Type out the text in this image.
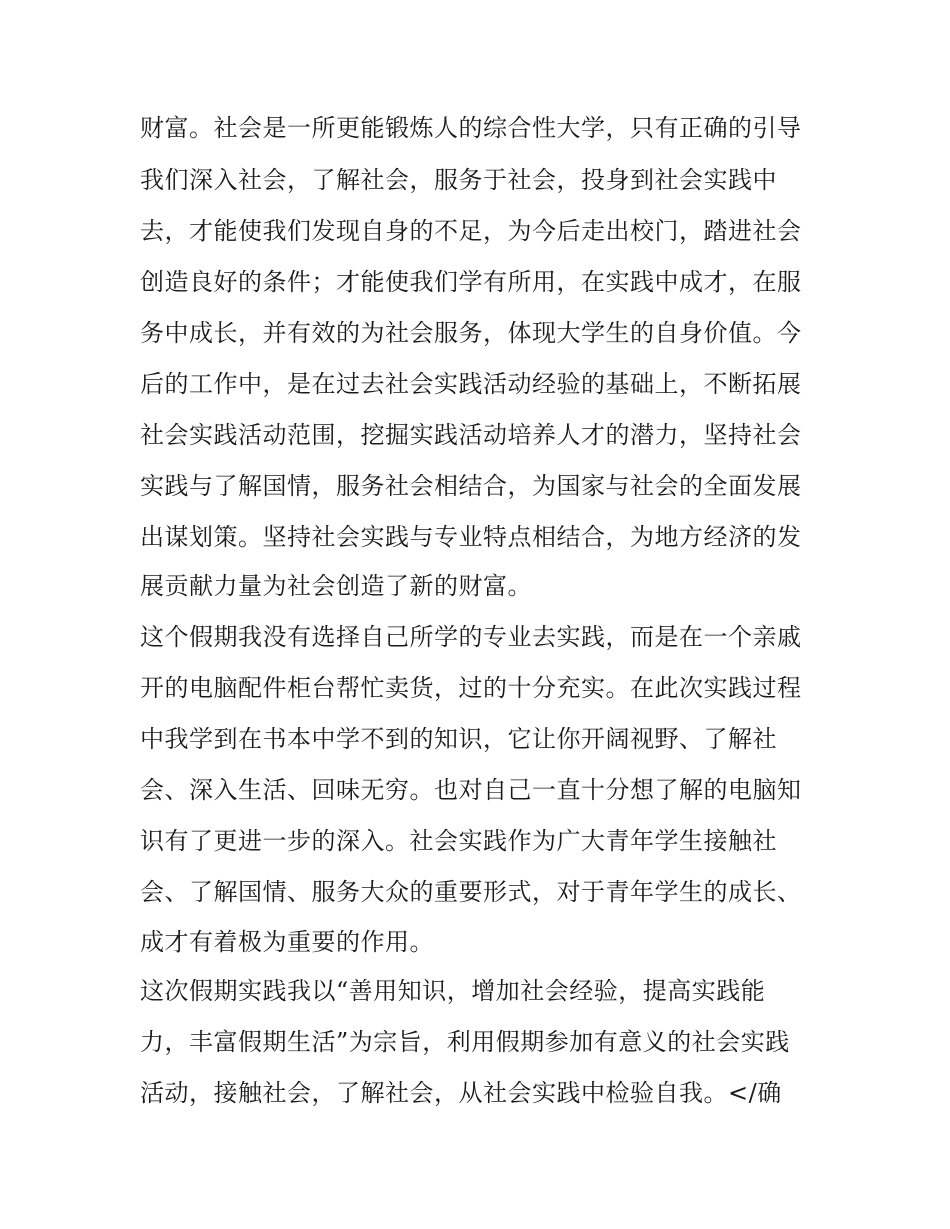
财富。社会是一所更能锻炼人的综合性大学，只有正确的引导
我们深入社会，了解社会，服务于社会，投身到社会实践中
去，才能使我们发现自身的不足，为今后走出校门，踏进社会
创造良好的条件；才能使我们学有所用，在实践中成才，在服
务中成长，并有效的为社会服务，体现大学生的自身价值。今
后的工作中，是在过去社会实践活动经验的基础上，不断拓展
社会实践活动范围，挖掘实践活动培养人才的潜力，坚持社会
实践与了解国情，服务社会相结合，为国家与社会的全面发展
出谋划策。坚持社会实践与专业特点相结合，为地方经济的发
展贡献力量为社会创造了新的财富。
这个假期我没有选择自己所学的专业去实践，而是在一个亲戚
开的电脑配件柜台帮忙卖货，过的十分充实。在此次实践过程
中我学到在书本中学不到的知识，它让你开阔视野、了解社
会、深入生活、回味无穷。也对自己一直十分想了解的电脑知
识有了更进一步的深入。社会实践作为广大青年学生接触社
会、了解国情、服务大众的重要形式，对于青年学生的成长、
成才有着极为重要的作用。
这次假期实践我以“善用知识，增加社会经验，提高实践能
力，丰富假期生活”为宗旨，利用假期参加有意义的社会实践
活动，接触社会，了解社会，从社会实践中检验自我。</确
